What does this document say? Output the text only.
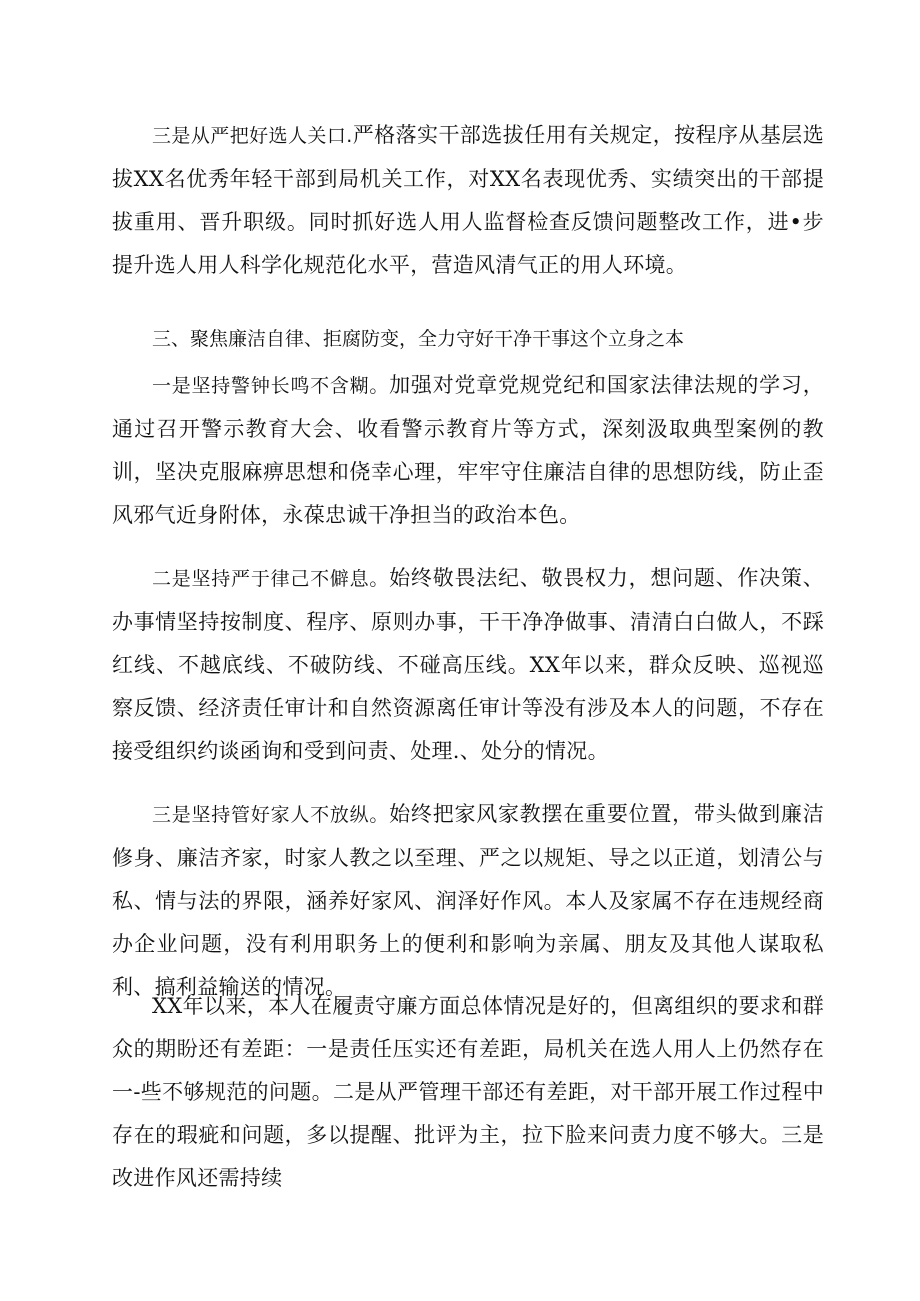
三是从严把好选人关口.严格落实干部选拔任用有关规定，按程序从基层选拔XX名优秀年轻干部到局机关工作，对XX名表现优秀、实绩突出的干部提拔重用、晋升职级。同时抓好选人用人监督检查反馈问题整改工作，进•步提升选人用人科学化规范化水平，营造风清气正的用人环境。

三、聚焦廉洁自律、拒腐防变，全力守好干净干事这个立身之本

一是坚持警钟长鸣不含糊。加强对党章党规党纪和国家法律法规的学习，通过召开警示教育大会、收看警示教育片等方式，深刻汲取典型案例的教训，坚决克服麻痹思想和侥幸心理，牢牢守住廉洁自律的思想防线，防止歪风邪气近身附体，永葆忠诚干净担当的政治本色。

二是坚持严于律己不僻息。始终敬畏法纪、敬畏权力，想问题、作决策、办事情坚持按制度、程序、原则办事，干干净净做事、清清白白做人，不踩红线、不越底线、不破防线、不碰高压线。XX年以来，群众反映、巡视巡察反馈、经济责任审计和自然资源离任审计等没有涉及本人的问题，不存在接受组织约谈函询和受到问责、处理.、处分的情况。

三是坚持管好家人不放纵。始终把家风家教摆在重要位置，带头做到廉洁修身、廉洁齐家，时家人教之以至理、严之以规矩、导之以正道，划清公与私、情与法的界限，涵养好家风、润泽好作风。本人及家属不存在违规经商办企业问题，没有利用职务上的便利和影响为亲属、朋友及其他人谋取私利、搞利益输送的情况。

XX年以来，本人在履责守廉方面总体情况是好的，但离组织的要求和群众的期盼还有差距：一是责任压实还有差距，局机关在选人用人上仍然存在一-些不够规范的问题。二是从严管理干部还有差距，对干部开展工作过程中存在的瑕疵和问题，多以提醒、批评为主，拉下脸来问责力度不够大。三是改进作风还需持续
